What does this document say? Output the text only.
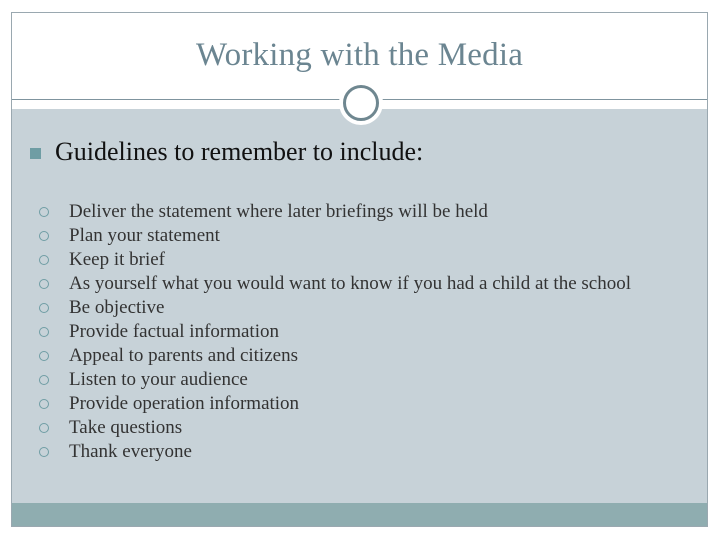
Working with the Media
Guidelines to remember to include:
Deliver the statement where later briefings will be held
Plan your statement
Keep it brief
As yourself what you would want to know if you had a child at the school
Be objective
Provide factual information
Appeal to parents and citizens
Listen to your audience
Provide operation information
Take questions
Thank everyone
